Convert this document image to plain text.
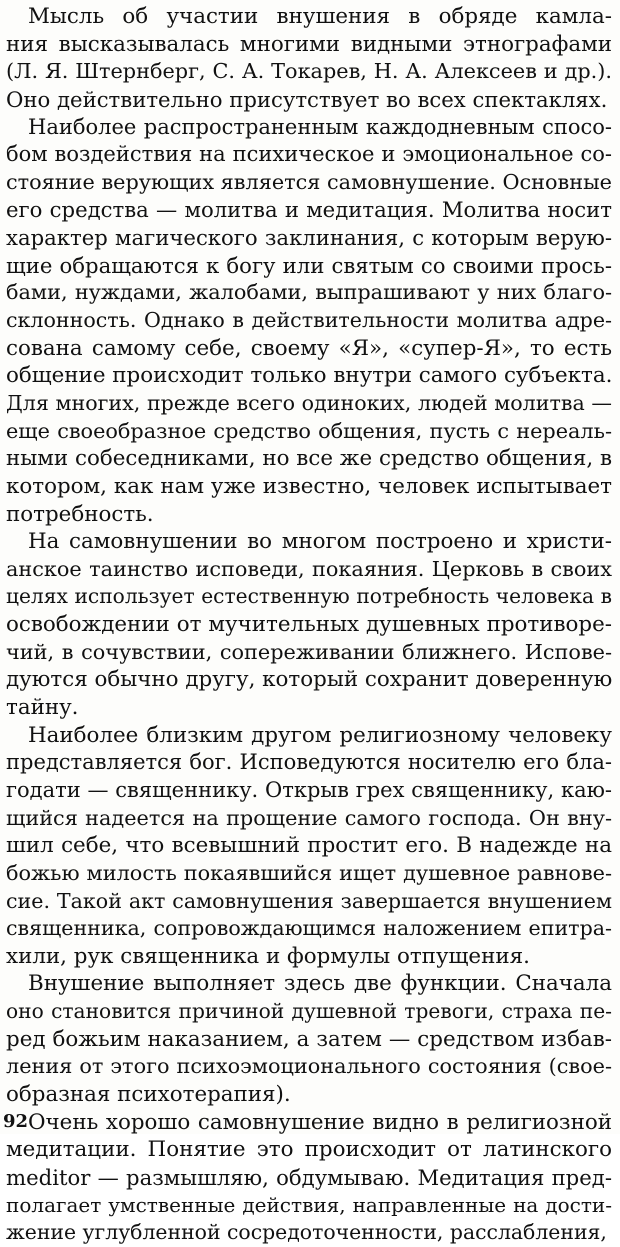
Мысль об участии внушения в обряде камла-
ния высказывалась многими видными этнографами
(Л. Я. Штернберг, С. А. Токарев, Н. А. Алексеев и др.).
Оно действительно присутствует во всех спектаклях.
Наиболее распространенным каждодневным спосо-
бом воздействия на психическое и эмоциональное со-
стояние верующих является самовнушение. Основные
его средства — молитва и медитация. Молитва носит
характер магического заклинания, с которым верую-
щие обращаются к богу или святым со своими прось-
бами, нуждами, жалобами, выпрашивают у них благо-
склонность. Однако в действительности молитва адре-
сована самому себе, своему «Я», «супер-Я», то есть
общение происходит только внутри самого субъекта.
Для многих, прежде всего одиноких, людей молитва —
еще своеобразное средство общения, пусть с нереаль-
ными собеседниками, но все же средство общения, в
котором, как нам уже известно, человек испытывает
потребность.
На самовнушении во многом построено и христи-
анское таинство исповеди, покаяния. Церковь в своих
целях использует естественную потребность человека в
освобождении от мучительных душевных противоре-
чий, в сочувствии, сопереживании ближнего. Испове-
дуются обычно другу, который сохранит доверенную
тайну.
Наиболее близким другом религиозному человеку
представляется бог. Исповедуются носителю его бла-
годати — священнику. Открыв грех священнику, каю-
щийся надеется на прощение самого господа. Он вну-
шил себе, что всевышний простит его. В надежде на
божью милость покаявшийся ищет душевное равнове-
сие. Такой акт самовнушения завершается внушением
священника, сопровождающимся наложением епитра-
хили, рук священника и формулы отпущения.
Внушение выполняет здесь две функции. Сначала
оно становится причиной душевной тревоги, страха пе-
ред божьим наказанием, а затем — средством избав-
ления от этого психоэмоционального состояния (свое-
образная психотерапия).
Очень хорошо самовнушение видно в религиозной
медитации. Понятие это происходит от латинского
meditor — размышляю, обдумываю. Медитация пред-
полагает умственные действия, направленные на дости-
жение углубленной сосредоточенности, расслабления,
92
